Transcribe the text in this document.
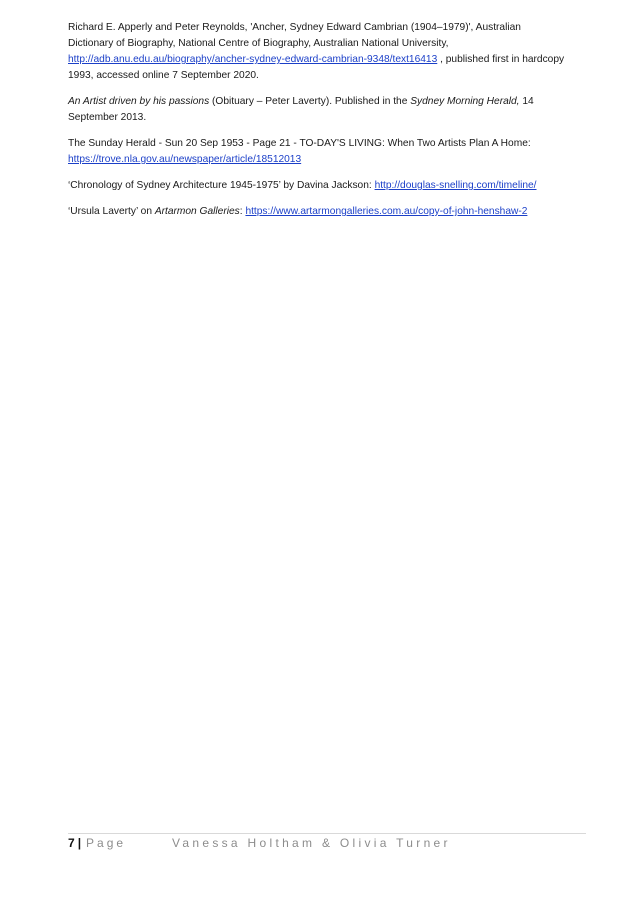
Richard E. Apperly and Peter Reynolds, 'Ancher, Sydney Edward Cambrian (1904–1979)', Australian Dictionary of Biography, National Centre of Biography, Australian National University, http://adb.anu.edu.au/biography/ancher-sydney-edward-cambrian-9348/text16413 , published first in hardcopy 1993, accessed online 7 September 2020.

An Artist driven by his passions (Obituary – Peter Laverty). Published in the Sydney Morning Herald, 14 September 2013.

The Sunday Herald - Sun 20 Sep 1953 - Page 21 - TO-DAY'S LIVING: When Two Artists Plan A Home: https://trove.nla.gov.au/newspaper/article/18512013

‘Chronology of Sydney Architecture 1945-1975’ by Davina Jackson: http://douglas-snelling.com/timeline/

‘Ursula Laverty’ on Artarmon Galleries: https://www.artarmongalleries.com.au/copy-of-john-henshaw-2

7 | Page	Vanessa Holtham & Olivia Turner
